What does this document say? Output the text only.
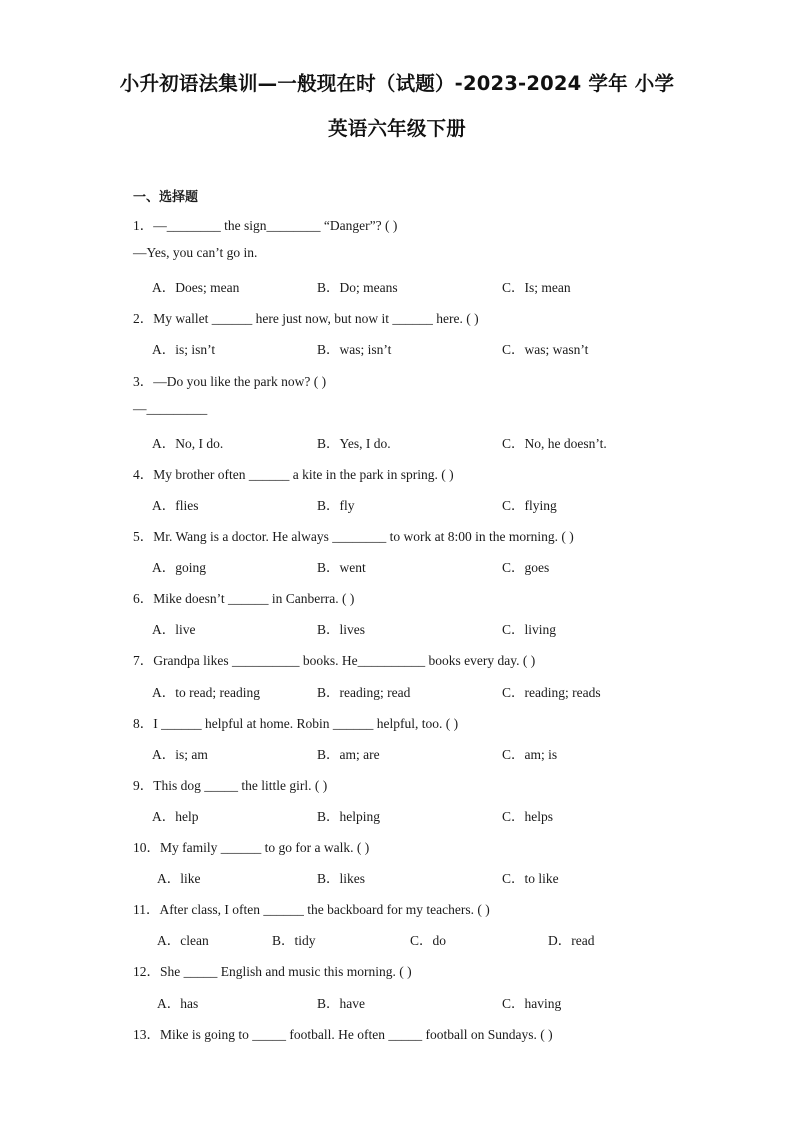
小升初语法集训—一般现在时（试题）-2023-2024 学年 小学
英语六年级下册
一、选择题
1．—________ the sign________ “Danger”? ( )
—Yes, you can’t go in.
A．Does; mean	B．Do; means	C．Is; mean
2．My wallet ______ here just now, but now it ______ here. ( )
A．is; isn’t	B．was; isn’t	C．was; wasn’t
3．—Do you like the park now? ( )
—_________
A．No, I do.	B．Yes, I do.	C．No, he doesn’t.
4．My brother often ______ a kite in the park in spring. ( )
A．flies	B．fly	C．flying
5．Mr. Wang is a doctor. He always ________ to work at 8:00 in the morning. ( )
A．going	B．went	C．goes
6．Mike doesn’t ______ in Canberra. ( )
A．live	B．lives	C．living
7．Grandpa likes __________ books. He__________ books every day. ( )
A．to read; reading	B．reading; read	C．reading; reads
8．I ______ helpful at home. Robin ______ helpful, too. ( )
A．is; am	B．am; are	C．am; is
9．This dog _____ the little girl. ( )
A．help	B．helping	C．helps
10．My family ______ to go for a walk. ( )
A．like	B．likes	C．to like
11．After class, I often ______ the backboard for my teachers. ( )
A．clean	B．tidy	C．do	D．read
12．She _____ English and music this morning. ( )
A．has	B．have	C．having
13．Mike is going to _____ football. He often _____ football on Sundays. ( )
